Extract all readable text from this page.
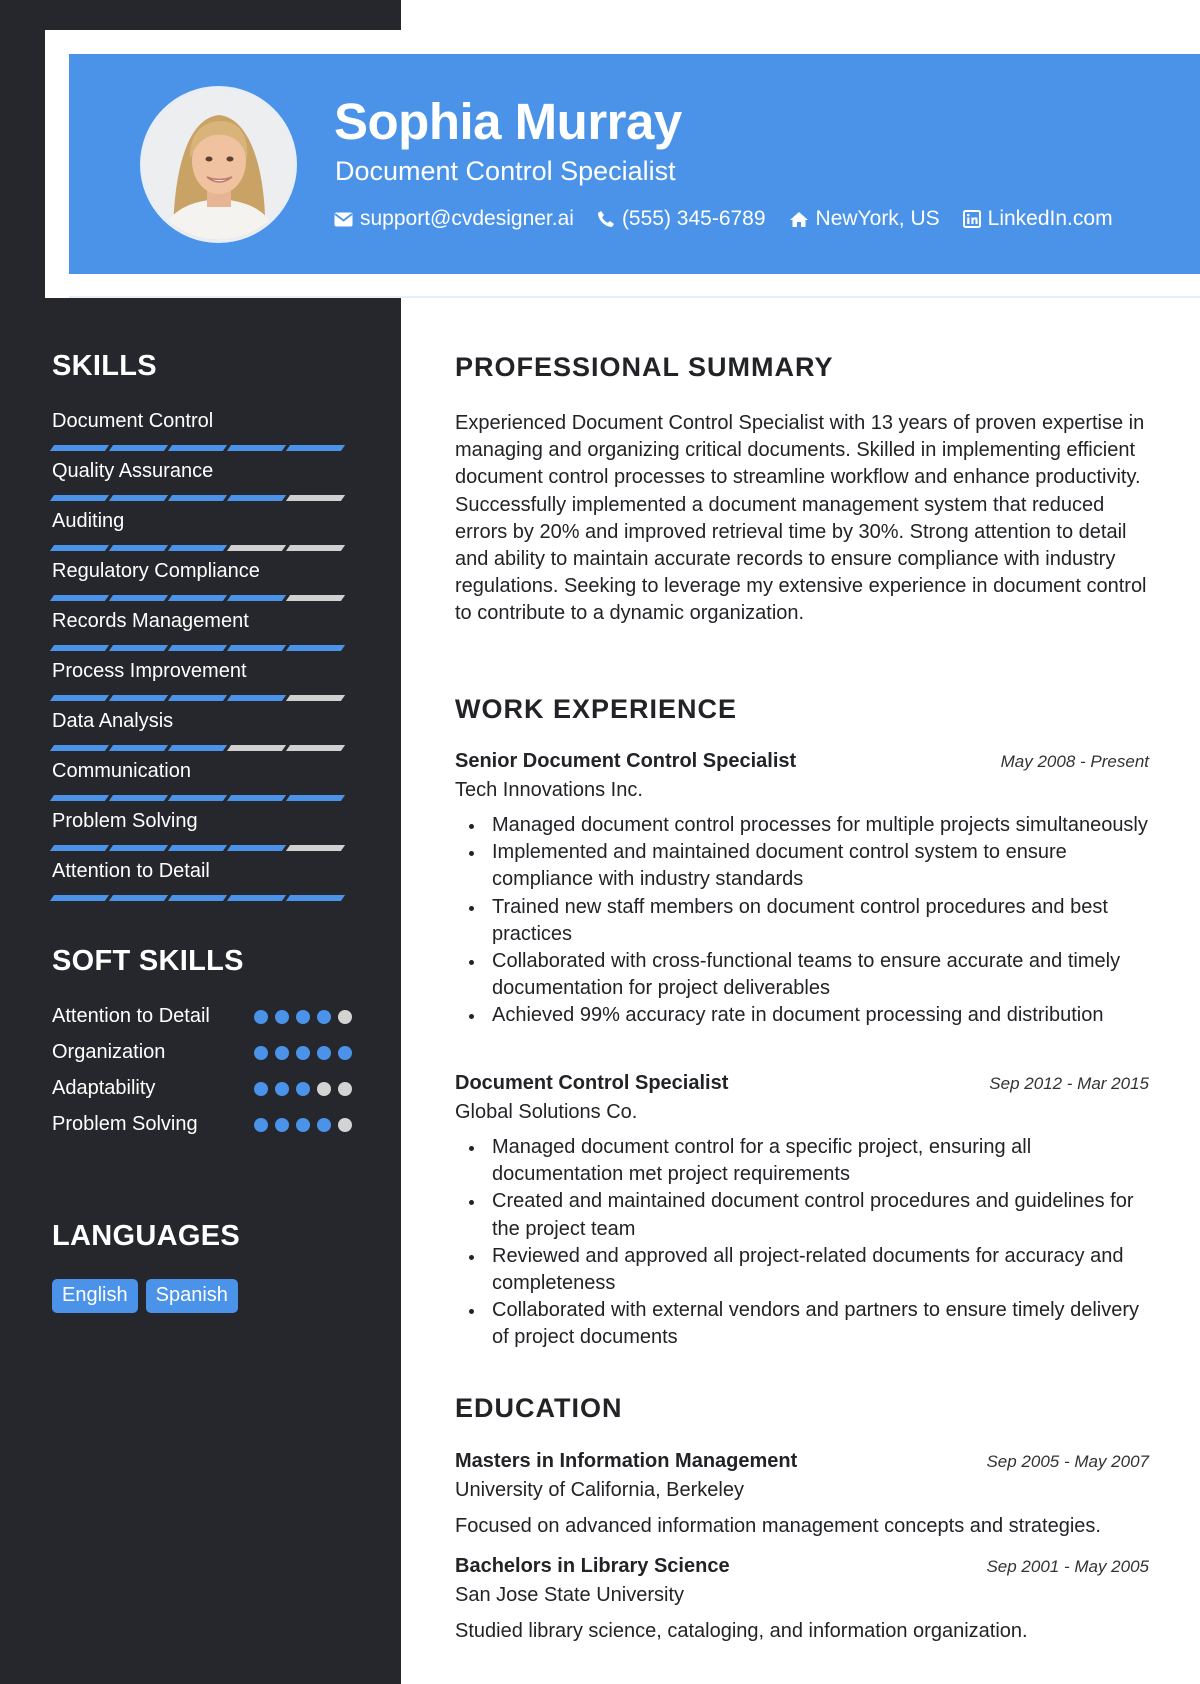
Sophia Murray
Document Control Specialist
support@cvdesigner.ai (555) 345-6789 NewYork, US LinkedIn.com
SKILLS
Document Control
Quality Assurance
Auditing
Regulatory Compliance
Records Management
Process Improvement
Data Analysis
Communication
Problem Solving
Attention to Detail
SOFT SKILLS
Attention to Detail
Organization
Adaptability
Problem Solving
LANGUAGES
English	Spanish
PROFESSIONAL SUMMARY
Experienced Document Control Specialist with 13 years of proven expertise in managing and organizing critical documents. Skilled in implementing efficient document control processes to streamline workflow and enhance productivity. Successfully implemented a document management system that reduced errors by 20% and improved retrieval time by 30%. Strong attention to detail and ability to maintain accurate records to ensure compliance with industry regulations. Seeking to leverage my extensive experience in document control to contribute to a dynamic organization.
WORK EXPERIENCE
Senior Document Control Specialist	May 2008 - Present
Tech Innovations Inc.
Managed document control processes for multiple projects simultaneously
Implemented and maintained document control system to ensure compliance with industry standards
Trained new staff members on document control procedures and best practices
Collaborated with cross-functional teams to ensure accurate and timely documentation for project deliverables
Achieved 99% accuracy rate in document processing and distribution
Document Control Specialist	Sep 2012 - Mar 2015
Global Solutions Co.
Managed document control for a specific project, ensuring all documentation met project requirements
Created and maintained document control procedures and guidelines for the project team
Reviewed and approved all project-related documents for accuracy and completeness
Collaborated with external vendors and partners to ensure timely delivery of project documents
EDUCATION
Masters in Information Management	Sep 2005 - May 2007
University of California, Berkeley
Focused on advanced information management concepts and strategies.
Bachelors in Library Science	Sep 2001 - May 2005
San Jose State University
Studied library science, cataloging, and information organization.
